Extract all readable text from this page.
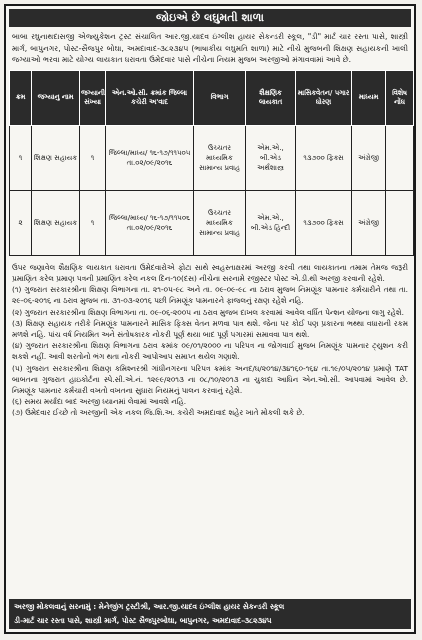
જોઇએ છે લઘુમતી શાળા
બાબા રઘુનાથદાસજી એજ્યુકેશન ટ્રસ્ટ સંચાલિત આર.જી.યાદવ ઇંગ્લીશ હાયર સેકન્ડરી સ્કૂલ, "ડી" માર્ટ ચાર રસ્તા પાસે, શાસ્ત્રી માર્ગ, બાપુનગર, પોસ્ટ-સૈજપુર બોઘા, અમદાવાદ-૩૮૨૩૪૫ (ભાષાકીય લઘુમતિ શાળા) માટે નીચે મુજબની શિક્ષણ સહાયકની ખાલી જગ્યાઓ ભરવા માટે યોગ્ય લાયકાત ધરાવતા ઉમેદવાર પાસે નીચેના નિયમ મુજબ અરજીઓ મંગાવવામાં આવે છે.
ક્રમ	જગ્યાનુ નામ	જગ્યાની સંખ્યા	એન.ઓ.સી. ક્રમાંક જિલ્લા કચેરી અ'વાદ	વિભાગ	શૈક્ષણિક લાયકાત	માસિકવેતન/ પગાર ધોરણ	માધ્યમ	વિશેષ નોંધ
૧	શિક્ષણ સહાયક	૧	જિલ્લા/માધ્ય/ ૧૬-૧૭/૧૧૫૦૫ તા.૦૨/૦૯/૨૦૧૬	ઉચ્ચતર માધ્યમિક સામાન્ય પ્રવાહ	એમ.એ., બી.એડ અર્થશાસ્ત્ર	૧૩૭૦૦ ફિક્સ	અંગ્રેજી	
૨	શિક્ષણ સહાયક	૧	જિલ્લા/માધ્ય/ ૧૬-૧૭/૧૧૫૦૬ તા.૦૨/૦૯/૨૦૧૬	ઉચ્ચતર માધ્યમિક સામાન્ય પ્રવાહ	એમ.એ., બી.એડ હિન્દી	૧૩૭૦૦ ફિક્સ	અંગ્રેજી	

ઉપર જણાવેલ શૈક્ષણિક લાયકાત ધરાવતા ઉમેદવારોએ ફોટા સાથે સ્વહસ્તાક્ષરમાં અરજી કરવી તથા લાયકાતના તમામ તેમજ જરૂરી પ્રમાણિત કરેલ પ્રમાણ પત્રની પ્રમાણિત કરેલ નકલ દિન-૧૦(દસ) નીચેના સરનામે રજીસ્ટર પોસ્ટ એ.ડી.થી અરજી કરવાની રહેશે.

(૧) ગુજરાત સરકારશ્રીના શિક્ષણ વિભાગના તા. ૨૧-૦૫-૯૮ અને તા. ૦૯-૦૯-૯૮ ના ઠરાવ મુજબ નિમણૂંક પામનાર કર્મચારીને તથા તા. ૨૯-૦૬-૨૦૧૬ ના ઠરાવ મુજબ તા. ૩૧-૦૩-૨૦૧૬ પછી નિમણૂંક પામનારને ફાજલનું રક્ષણ રહેશે નહિ.

(૨) ગુજરાત સરકારશ્રીના શિક્ષણ વિભાગના તા. ૦૯-૦૬-૨૦૦૫ ના ઠરાવ મુજબ દાખલ કરવામાં આવેલ વર્ધિત પેન્શન યોજના લાગુ રહેશે.

(૩) શિક્ષણ સહાયક તરીકે નિમણૂંક પામનારને માસિક ફિક્સ વેતન મળવા પાત્ર થશે. જેના પર કોઈ પણ પ્રકારના ભથ્થા વધારાની રકમ મળશે નહિ. પાંચ વર્ષ નિયમિત અને સંતોષકારક નોકરી પૂર્ણ થયા બાદ પૂર્ણ પગારમાં સમાવવા પાત્ર થશે.

(૪) ગુજરાત સરકારશ્રીના શિક્ષણ વિભાગના ઠરાવ ક્રમાંક ૦૯/૦૧/૨૦૦૦ ના પરિપત્ર ના જોગવાઈ મુજબ નિમણૂંક પામનાર ટ્યુશન કરી શકશે નહીં. આવી શરતોનો ભંગ થતા નોકરી આપોઆપ સમાપ્ત થયેલ ગણાશે.

(૫) ગુજરાત સરકારશ્રીના શિક્ષણ કમિશ્નરશ્રી ગાંધીનગરના પરિપત્ર ક્રમાંક અનદ/ધ/૨૦૧૪/૩૪૧૬૦-૧૬૪ તા.૧૯/૦૫/૨૦૧૪ પ્રમાણે TAT બાબતના ગુજરાત હાઇકોર્ટના સ્પે.સી.એ.નં. ૧૨૯૯/૨૦૧૩ ના ૦૮/૧૦/૨૦૧૩ ના ચુકાદા આધિન એન.ઓ.સી. આપવામાં આવેલ છે. નિમણૂંક પામનાર કર્મચારી વખતો વખતના સુધારા નિયમનું પાલન કરવાનું રહેશે.

(૬) સમય મર્યાદા બાદ અરજી ધ્યાનમાં લેવામાં આવશે નહિ.

(૭) ઉમેદવાર ઈચ્છે તો અરજીની એક નકલ જિ.શિ.અ. કચેરી અમદાવાદ શહેર ખાતે મોકલી શકે છે.

અરજી મોકલવાનું સરનામું : મેનેજીંગ ટ્રસ્ટીશ્રી, આર.જી.યાદવ ઇંગ્લીશ હાયર સેકન્ડરી સ્કૂલ
ડી-માર્ટ ચાર રસ્તા પાસે, શાસ્ત્રી માર્ગ, પોસ્ટ સૈજપુરબોઘા, બાપુનગર, અમદાવાદ-૩૮૨૩૪૫
